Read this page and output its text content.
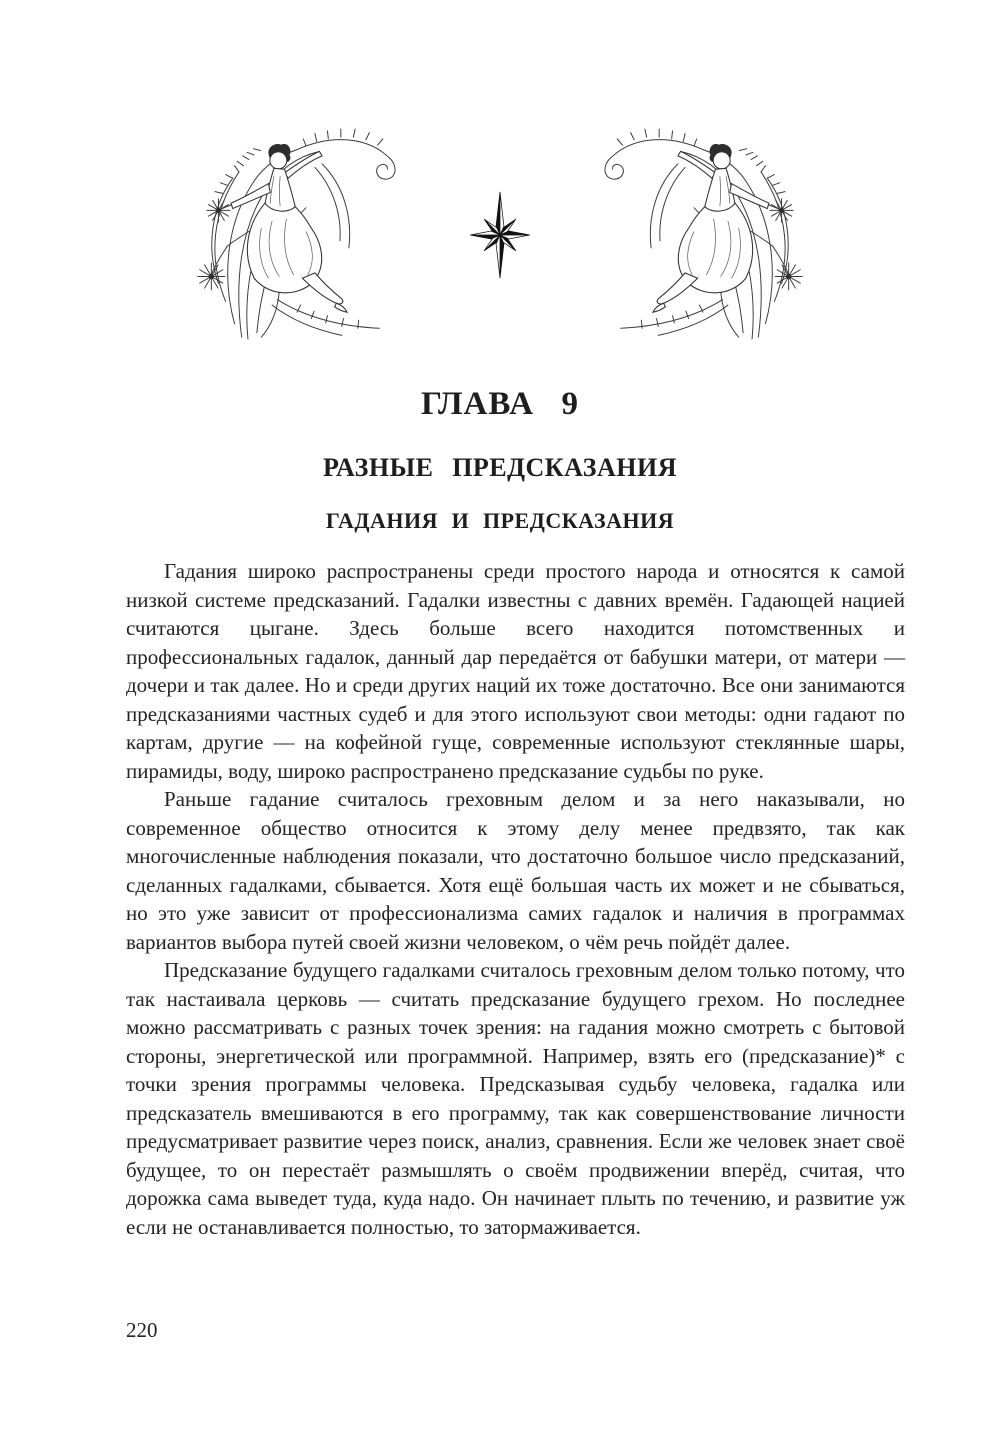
ГЛАВА 9
РАЗНЫЕ ПРЕДСКАЗАНИЯ
ГАДАНИЯ И ПРЕДСКАЗАНИЯ

Гадания широко распространены среди простого народа и относятся к самой низкой системе предсказаний. Гадалки известны с давних времён. Гадающей нацией считаются цыгане. Здесь больше всего находится потомственных и профессиональных гадалок, данный дар передаётся от бабушки матери, от матери — дочери и так далее. Но и среди других наций их тоже достаточно. Все они занимаются предсказаниями частных судеб и для этого используют свои методы: одни гадают по картам, другие — на кофейной гуще, современные используют стеклянные шары, пирамиды, воду, широко распространено предсказание судьбы по руке.

Раньше гадание считалось греховным делом и за него наказывали, но современное общество относится к этому делу менее предвзято, так как многочисленные наблюдения показали, что достаточно большое число предсказаний, сделанных гадалками, сбывается. Хотя ещё большая часть их может и не сбываться, но это уже зависит от профессионализма самих гадалок и наличия в программах вариантов выбора путей своей жизни человеком, о чём речь пойдёт далее.

Предсказание будущего гадалками считалось греховным делом только потому, что так настаивала церковь — считать предсказание будущего грехом. Но последнее можно рассматривать с разных точек зрения: на гадания можно смотреть с бытовой стороны, энергетической или программной. Например, взять его (предсказание)* с точки зрения программы человека. Предсказывая судьбу человека, гадалка или предсказатель вмешиваются в его программу, так как совершенствование личности предусматривает развитие через поиск, анализ, сравнения. Если же человек знает своё будущее, то он перестаёт размышлять о своём продвижении вперёд, считая, что дорожка сама выведет туда, куда надо. Он начинает плыть по течению, и развитие уж если не останавливается полностью, то затормаживается.

220
